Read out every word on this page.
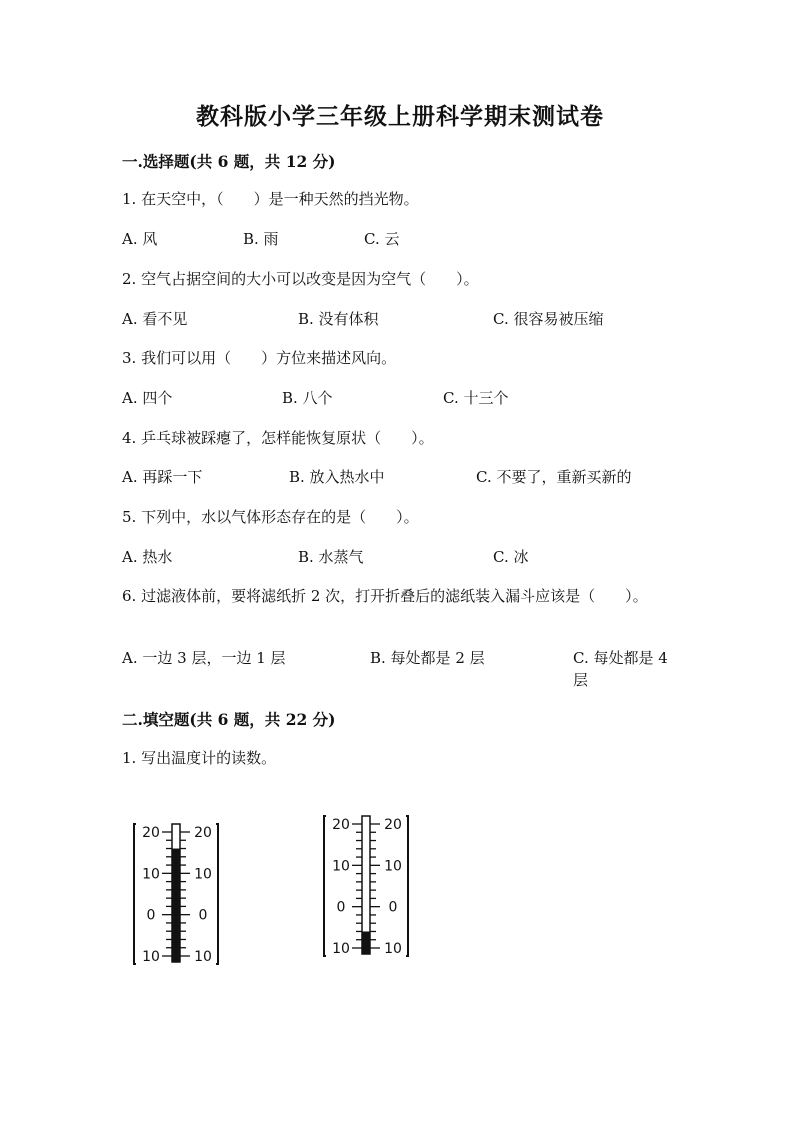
教科版小学三年级上册科学期末测试卷
一.选择题(共 6 题，共 12 分)
1. 在天空中，（　　）是一种天然的挡光物。
A. 风	B. 雨	C. 云
2. 空气占据空间的大小可以改变是因为空气（　　）。
A. 看不见	B. 没有体积	C. 很容易被压缩
3. 我们可以用（　　）方位来描述风向。
A. 四个	B. 八个	C. 十三个
4. 乒乓球被踩瘪了，怎样能恢复原状（　　）。
A. 再踩一下	B. 放入热水中	C. 不要了，重新买新的
5. 下列中，水以气体形态存在的是（　　）。
A. 热水	B. 水蒸气	C. 冰
6. 过滤液体前，要将滤纸折 2 次，打开折叠后的滤纸装入漏斗应该是（　　）。
A. 一边 3 层，一边 1 层	B. 每处都是 2 层	C. 每处都是 4 层
二.填空题(共 6 题，共 22 分)
1. 写出温度计的读数。
20 20
10 10
0	0
10 10
20 20
10 10
0	0
10 10
